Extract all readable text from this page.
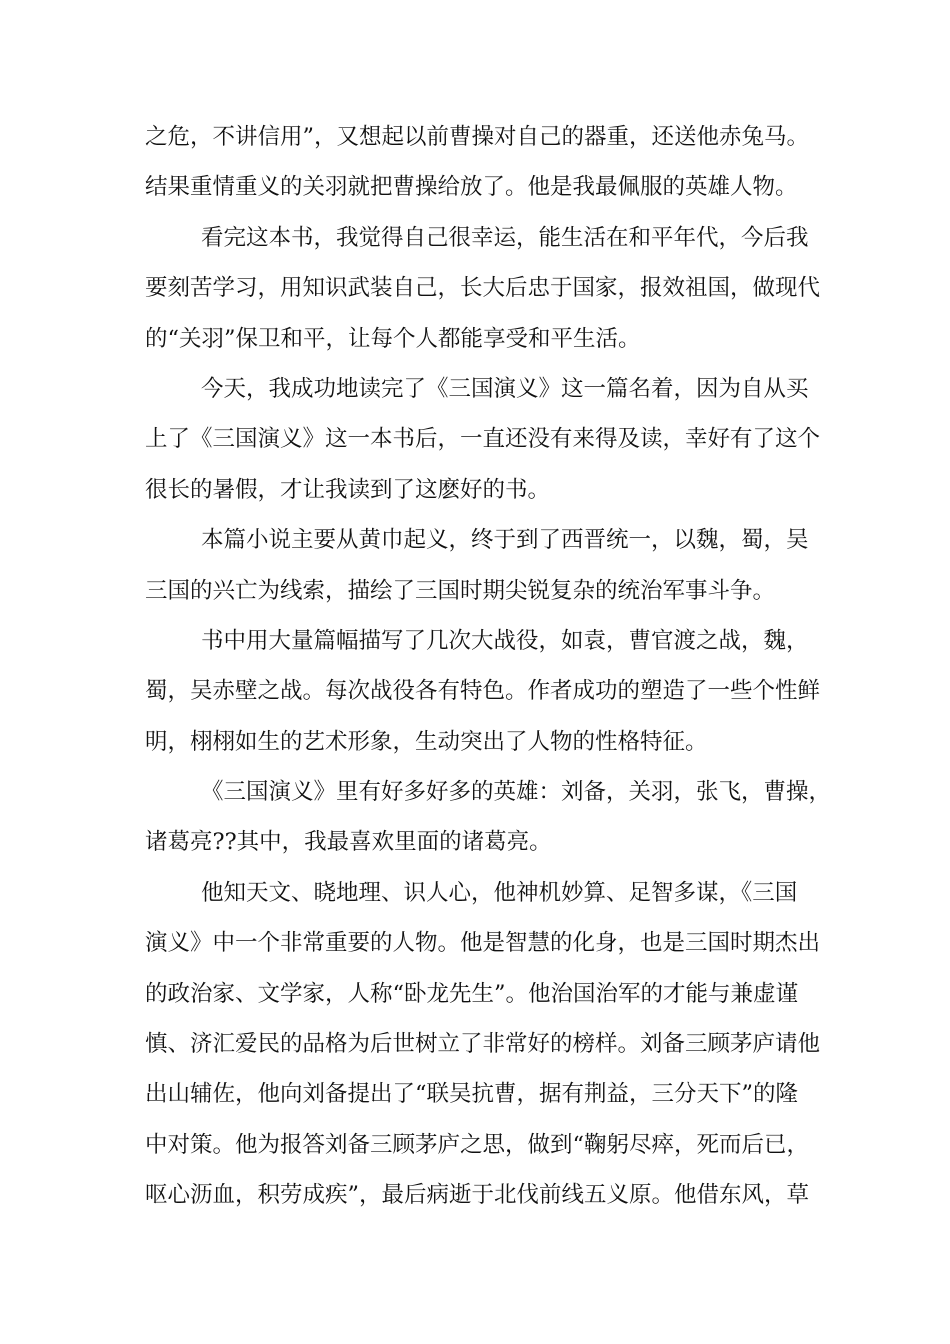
之危，不讲信用”，又想起以前曹操对自己的器重，还送他赤兔马。
结果重情重义的关羽就把曹操给放了。他是我最佩服的英雄人物。
看完这本书，我觉得自己很幸运，能生活在和平年代，今后我
要刻苦学习，用知识武装自己，长大后忠于国家，报效祖国，做现代
的“关羽”保卫和平，让每个人都能享受和平生活。
今天，我成功地读完了《三国演义》这一篇名着，因为自从买
上了《三国演义》这一本书后，一直还没有来得及读，幸好有了这个
很长的暑假，才让我读到了这麽好的书。
本篇小说主要从黄巾起义，终于到了西晋统一，以魏，蜀，吴
三国的兴亡为线索，描绘了三国时期尖锐复杂的统治军事斗争。
书中用大量篇幅描写了几次大战役，如袁，曹官渡之战，魏，
蜀，吴赤壁之战。每次战役各有特色。作者成功的塑造了一些个性鲜
明，栩栩如生的艺术形象，生动突出了人物的性格特征。
《三国演义》里有好多好多的英雄：刘备，关羽，张飞，曹操，
诸葛亮??其中，我最喜欢里面的诸葛亮。
他知天文、晓地理、识人心，他神机妙算、足智多谋，《三国
演义》中一个非常重要的人物。他是智慧的化身，也是三国时期杰出
的政治家、文学家，人称“卧龙先生”。他治国治军的才能与兼虚谨
慎、济汇爱民的品格为后世树立了非常好的榜样。刘备三顾茅庐请他
出山辅佐，他向刘备提出了“联吴抗曹，据有荆益，三分天下”的隆
中对策。他为报答刘备三顾茅庐之思，做到“鞠躬尽瘁，死而后已，
呕心沥血，积劳成疾”，最后病逝于北伐前线五义原。他借东风，草
